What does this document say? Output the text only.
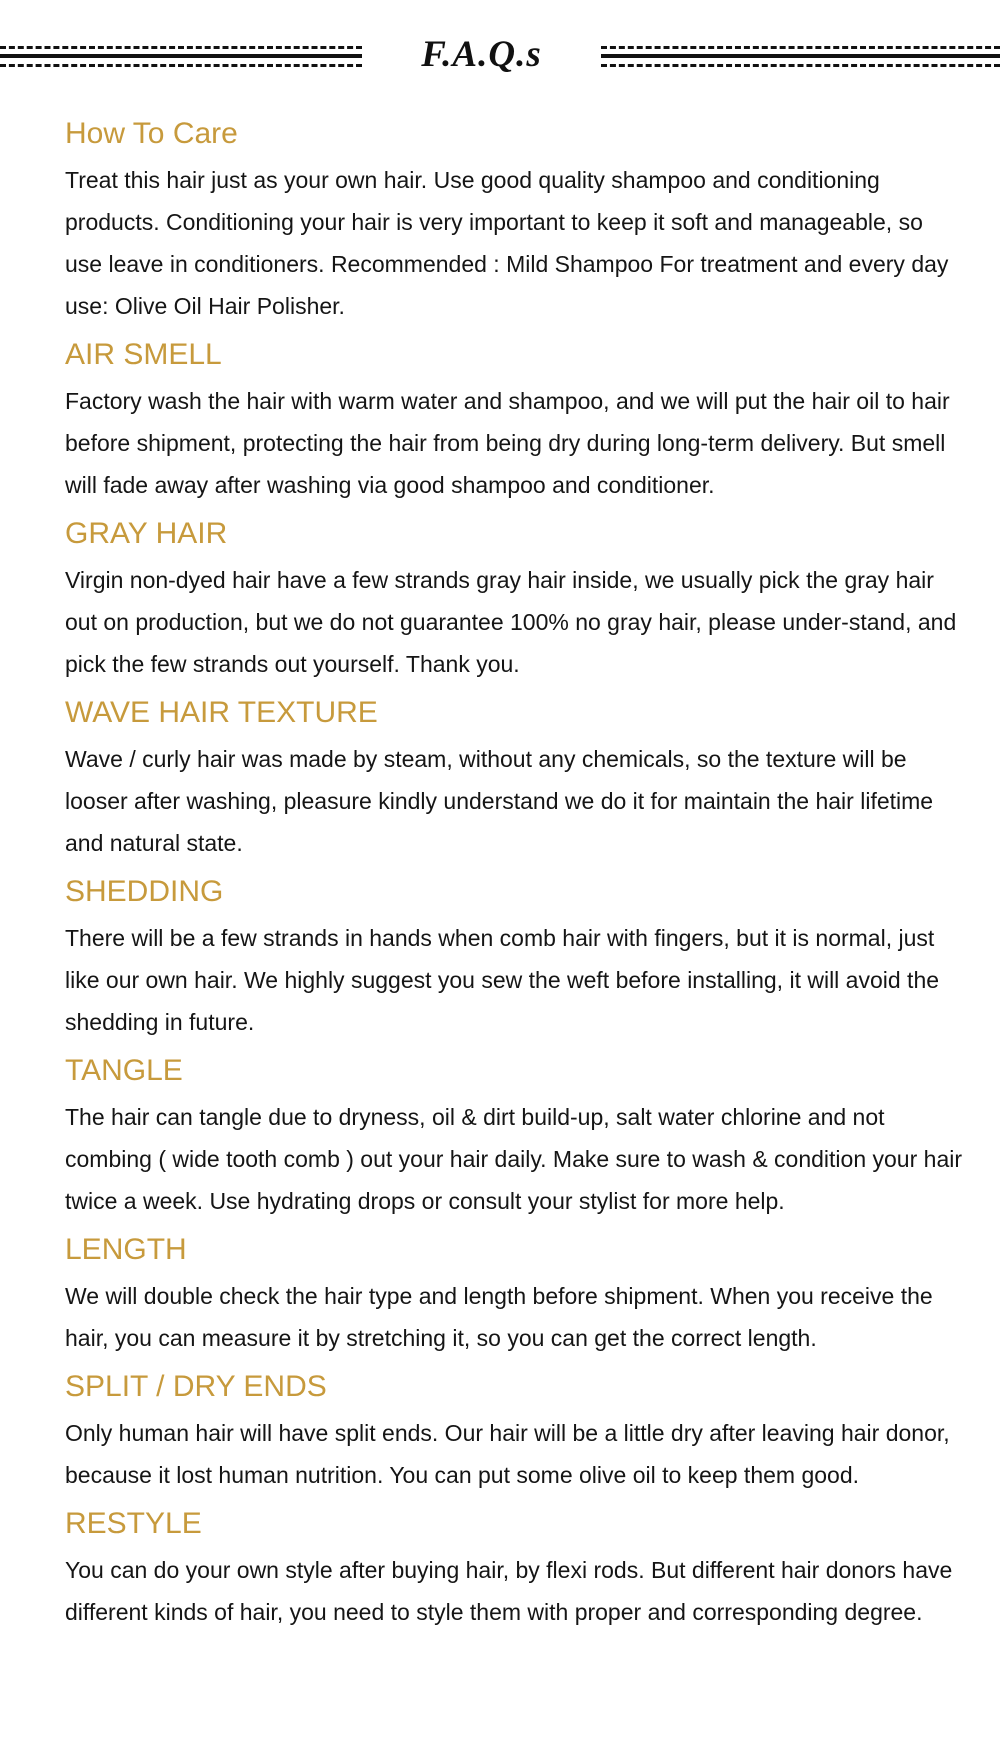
F.A.Q.s
How To Care

Treat this hair just as your own hair. Use good quality shampoo and conditioning products. Conditioning your hair is very important to keep it soft and manageable, so use leave in conditioners. Recommended : Mild Shampoo For treatment and every day use: Olive Oil Hair Polisher.

AIR SMELL

Factory wash the hair with warm water and shampoo, and we will put the hair oil to hair before shipment, protecting the hair from being dry during long-term delivery. But smell will fade away after washing via good shampoo and conditioner.

GRAY HAIR

Virgin non-dyed hair have a few strands gray hair inside, we usually pick the gray hair out on production, but we do not guarantee 100% no gray hair, please under-stand, and pick the few strands out yourself. Thank you.

WAVE HAIR TEXTURE

Wave / curly hair was made by steam, without any chemicals, so the texture will be looser after washing, pleasure kindly understand we do it for maintain the hair lifetime and natural state.

SHEDDING

There will be a few strands in hands when comb hair with fingers, but it is normal, just like our own hair. We highly suggest you sew the weft before installing, it will avoid the shedding in future.

TANGLE

The hair can tangle due to dryness, oil & dirt build-up, salt water chlorine and not combing ( wide tooth comb ) out your hair daily. Make sure to wash & condition your hair twice a week. Use hydrating drops or consult your stylist for more help.

LENGTH

We will double check the hair type and length before shipment. When you receive the hair, you can measure it by stretching it, so you can get the correct length.

SPLIT / DRY ENDS

Only human hair will have split ends. Our hair will be a little dry after leaving hair donor, because it lost human nutrition. You can put some olive oil to keep them good.

RESTYLE

You can do your own style after buying hair, by flexi rods. But different hair donors have different kinds of hair, you need to style them with proper and corresponding degree.
